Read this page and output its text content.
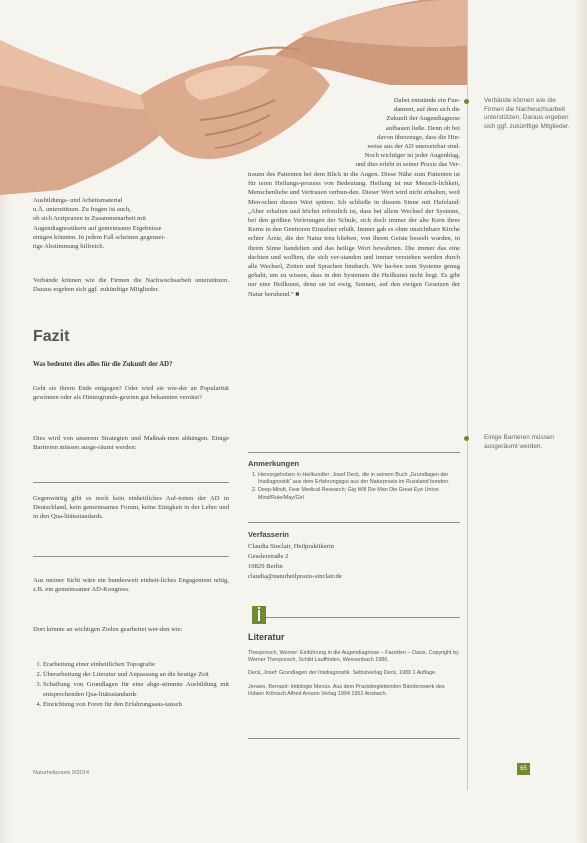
Dabei entstände ein Fun-
dament, auf dem sich die
Zukunft der Augendiagnose
aufbauen ließe. Denn ob bei
davon überzeuge, dass die Hin-
weise aus der AD unersetzbar sind.
Noch wichtiger ist jeder Augenblag,
und dies erlebt in seiner Praxis das Ver-
trauen des Patienten bei dem Blick in die Augen. Diese Nähe zum Patienten ist für ieren Heilungs-prozess von Bedeutung. Heilung ist nur Mensch-lichkeit, Menschenliebe und Vertrauen verbun-den. Dieser Wert wird nicht erhalten, weil Men-schen diesen Wert spüren. Ich schließe in diesem Sinne mit Hufeland: „Aber erhalten und höchst erfreulich ist, dass bei allem Wechsel der Systeme, bei den größten Verirrungen der Schule, sich doch immer der alte Kern ihres Kerns in den Genitoren Einzelner erhält. Immer gab es ohne unsichtbare Kirche echter Ärzte, die der Natur treu blieben, von ihrem Geiste beseelt wurden, in ihrem Sinne handelten und das heilige Wort bewahrten. Die immer das eine dachten und wollten, die sich ver-standen und immer verstehen werden durch alle Wechsel, Zeiten und Sprachen hindurch. Wir ha-ben zum Systeme genug gehabt, um zu wissen, dass in den Systemen die Heilkunst nicht liegt. Es gibt nur eine Heilkunst, denn sie ist ewig, Sonnen, auf den ewigen Gesetzen der Natur beruhend.“ ■
Ausbildungs- und Arbeitsmaterial
u.Ä. unterstützen. Zu fragen ist auch,
ob sich Arztpraxen in Zusammenarbeit mit
Augendiagnostikern auf gemeinsame Ergebnisse
einigen könnten. In jedem Fall scheinen gegensei-
tige Abstimmung hilfreich.
Verbände können wie die Firmen die Nachwuchsarbeit unterstützen. Daraus ergeben sich ggf. zukünftige Mitglieder.
Fazit
Was bedeutet dies alles für die Zukunft der AD?
Geht sie ihrem Ende entgegen? Oder wird sie wie-der an Popularität gewinnen oder als Hintergrunds-gewinn gut bekannten verrätst?
Dies wird von unserem Strategien und Maßnah-men abhängen. Einige Barrieren müssen ausge-räumt werden:
Gegenwärtig gibt es noch kein einheitliches Auf-treten der AD in Deutschland, kein gemeinsames Forum, keine Einigkeit in der Lehre und in den Qua-litätsstandards.
Aus meiner Sicht wäre ein bundesweit einheit-liches Engagement nötig, z.B. ein gemeinsamer AD-Kongress.
Dort könnte an wichtigen Zielen gearbeitet wer-den wie:
1. Erarbeitung einer einheitlichen Topografie
2. Überarbeitung der Literatur und Anpassung an die heutige Zeit
3. Schaffung von Grundlagen für eine abge-stimmte Ausbildung mit entsprechenden Qua-litätsstandards
4. Einrichtung von Foren für den Erfahrungsaus-tausch
Anmerkungen
1. Hervorgehoben in Heilkundler: Josef Deck, die in seinem Buch „Grundlagen der Irisdiagnostik“ aus dem Erfahrungsgut aus der Naturpraxis im Russland bonden.
2. Deep-Mindt, Fear Medical Research; Gig Will Die Man Die Great Eye Union Mind/Rule/May/Girl
Verfasserin
Claudia Sinclair, Heilpraktikerin
Gesslerstraße 2
10829 Berlin
claudia@naturheilpraxis-sinclair.de
Literatur
Theopresch, Werner: Einführung in die Augendiagnose – Facetten – Dasis. Copyright by Werner Theopresch, Schild Lauffinden, Wessenbach 1986.
Deck, Josef: Grundlagen der Irisdiagnostik. Selbstverlag Deck, 1980 1 Auflage.
Jensen, Bernard: Iridologie Menüs. Aus dem Praxisbegleitenden Bänderswerk des Iridsen Kölnisch Alfred Amann Verlag 1994 1952 Ansbach.
Verbände können wie die Firmen die Nachwuchsarbeit unterstützen. Daraus ergeben sich ggf. zukünftige Mitglieder.
Einige Barrieren müssen ausgeräumt werden.
Naturheilpraxis 9/2014
65
